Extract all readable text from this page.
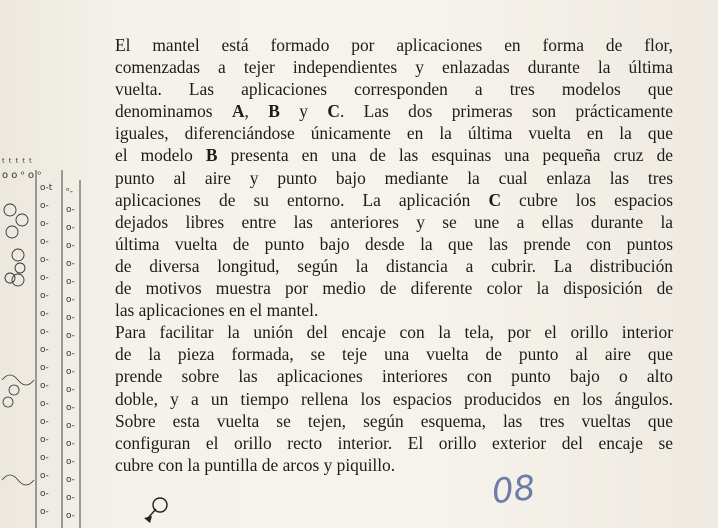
ᵗ ᵗ ᵗ ᵗ ᵗ
o o ᵒ o ᵒ
o‑t ᵒ‑
o‑ o‑
o‑ o‑
o‑ o‑
o‑ o‑
o‑ o‑
o‑ o‑
o‑ o‑
o‑ o‑
o‑ o‑
o‑ o‑
o‑ o‑
o‑ o‑
o‑ o‑
o‑ o‑
o‑ o‑
o‑ o‑
o‑ o‑
o‑ o‑

El mantel está formado por aplicaciones en forma de flor,
comenzadas a tejer independientes y enlazadas durante la última
vuelta. Las aplicaciones corresponden a tres modelos que
denominamos A, B y C. Las dos primeras son prácticamente
iguales, diferenciándose únicamente en la última vuelta en la que
el modelo B presenta en una de las esquinas una pequeña cruz de
punto al aire y punto bajo mediante la cual enlaza las tres
aplicaciones de su entorno. La aplicación C cubre los espacios
dejados libres entre las anteriores y se une a ellas durante la
última vuelta de punto bajo desde la que las prende con puntos
de diversa longitud, según la distancia a cubrir. La distribución
de motivos muestra por medio de diferente color la disposición de
las aplicaciones en el mantel.

Para facilitar la unión del encaje con la tela, por el orillo interior
de la pieza formada, se teje una vuelta de punto al aire que
prende sobre las aplicaciones interiores con punto bajo o alto
doble, y a un tiempo rellena los espacios producidos en los ángulos.
Sobre esta vuelta se tejen, según esquema, las tres vueltas que
configuran el orillo recto interior. El orillo exterior del encaje se
cubre con la puntilla de arcos y piquillo.

08
